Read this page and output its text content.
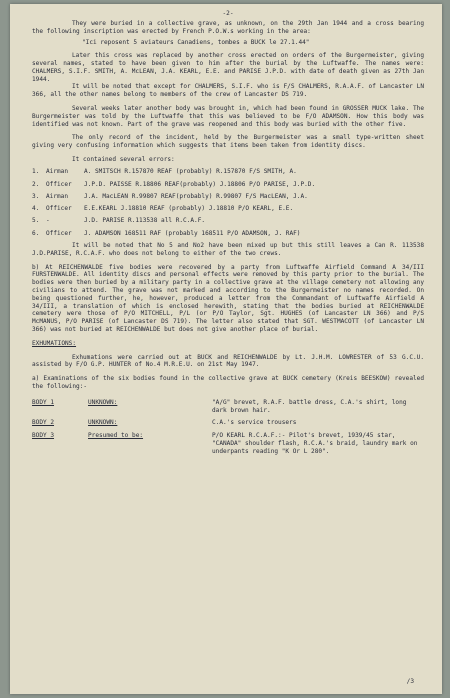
-2-

They were buried in a collective grave, as unknown, on the 29th Jan 1944 and a cross bearing the following inscription was erected by French P.O.W.s working in the area:

"Ici reposent 5 aviateurs Canadiens, tombes a BUCK le 27.1.44"

Later this cross was replaced by another cross erected on orders of the Burgermeister, giving several names, stated to have been given to him after the burial by the Luftwaffe. The names were: CHALMERS, S.I.F. SMITH, A. McLEAN, J.A. KEARL, E.E. and PARISE J.P.D. with date of death given as 27th Jan 1944.

It will be noted that except for CHALMERS, S.I.F. who is F/S CHALMERS, R.A.A.F. of Lancaster LN 366, all the other names belong to members of the crew of Lancaster DS 719.

Several weeks later another body was brought in, which had been found in GROSSER MUCK lake. The Burgermeister was told by the Luftwaffe that this was believed to be F/O ADAMSON. How this body was identified was not known. Part of the grave was reopened and this body was buried with the other five.

The only record of the incident, held by the Burgermeister was a small type-written sheet giving very confusing information which suggests that items been taken from identity discs.

It contained several errors:

1.	Airman	A. SMITSCH R.157870 REAF (probably) R.157870 F/S SMITH, A.
2.	Officer	J.P.D. PAISSE R.18806 REAF(probably) J.18806 P/O PARISE, J.P.D.
3.	Airman	J.A. MacLEAN R.99807 REAF(probably) R.99807 F/S MacLEAN, J.A.
4.	Officer	E.E.KEARL J.18810 REAF (probably) J.18810 P/O KEARL, E.E.
5.	-	J.D. PARISE R.113538 all R.C.A.F.
6.	Officer	J. ADAMSON 168511 RAF (probably 168511 P/O ADAMSON, J. RAF)

It will be noted that No 5 and No2 have been mixed up but this still leaves a Can R. 113538 J.D.PARISE, R.C.A.F. who does not belong to either of the two crews.

b) At REICHENWALDE five bodies were recovered by a party from Luftwaffe Airfield Command A 34/III FURSTENWALDE. All identity discs and personal effects were removed by this party prior to the burial. The bodies were then buried by a military party in a collective grave at the village cemetery not allowing any civilians to attend. The grave was not marked and according to the Burgermeister no names recorded. On being questioned further, he, however, produced a letter from the Commandant of Luftwaffe Airfield A 34/III, a translation of which is enclosed herewith, stating that the bodies buried at REICHENWALDE cemetery were those of P/O MITCHELL, P/L (or P/O Taylor, Sgt. HUGHES (of Lancaster LN 366) and P/S McMANUS, P/O PARISE (of Lancaster DS 719). The letter also stated that SGT. WESTMACOTT (of Lancaster LN 366) was not buried at REICHENWALDE but does not give another place of burial.

EXHUMATIONS:

Exhumations were carried out at BUCK and REICHENWALDE by Lt. J.H.M. LOWRESTER of 53 G.C.U. assisted by F/O G.P. HUNTER of No.4 M.R.E.U. on 21st May 1947.

a) Examinations of the six bodies found in the collective grave at BUCK cemetery (Kreis BEESKOW) revealed the following:-

BODY 1	UNKNOWN:	"A/G" brevet, R.A.F. battle dress, C.A.'s shirt, long dark brown hair.
BODY 2	UNKNOWN:	C.A.'s service trousers
BODY 3	Presumed to be:	P/O KEARL R.C.A.F.:- Pilot's brevet, 1939/45 star, "CANADA" shoulder flash, R.C.A.'s braid, laundry mark on underpants reading "K Or L 280".
/3
